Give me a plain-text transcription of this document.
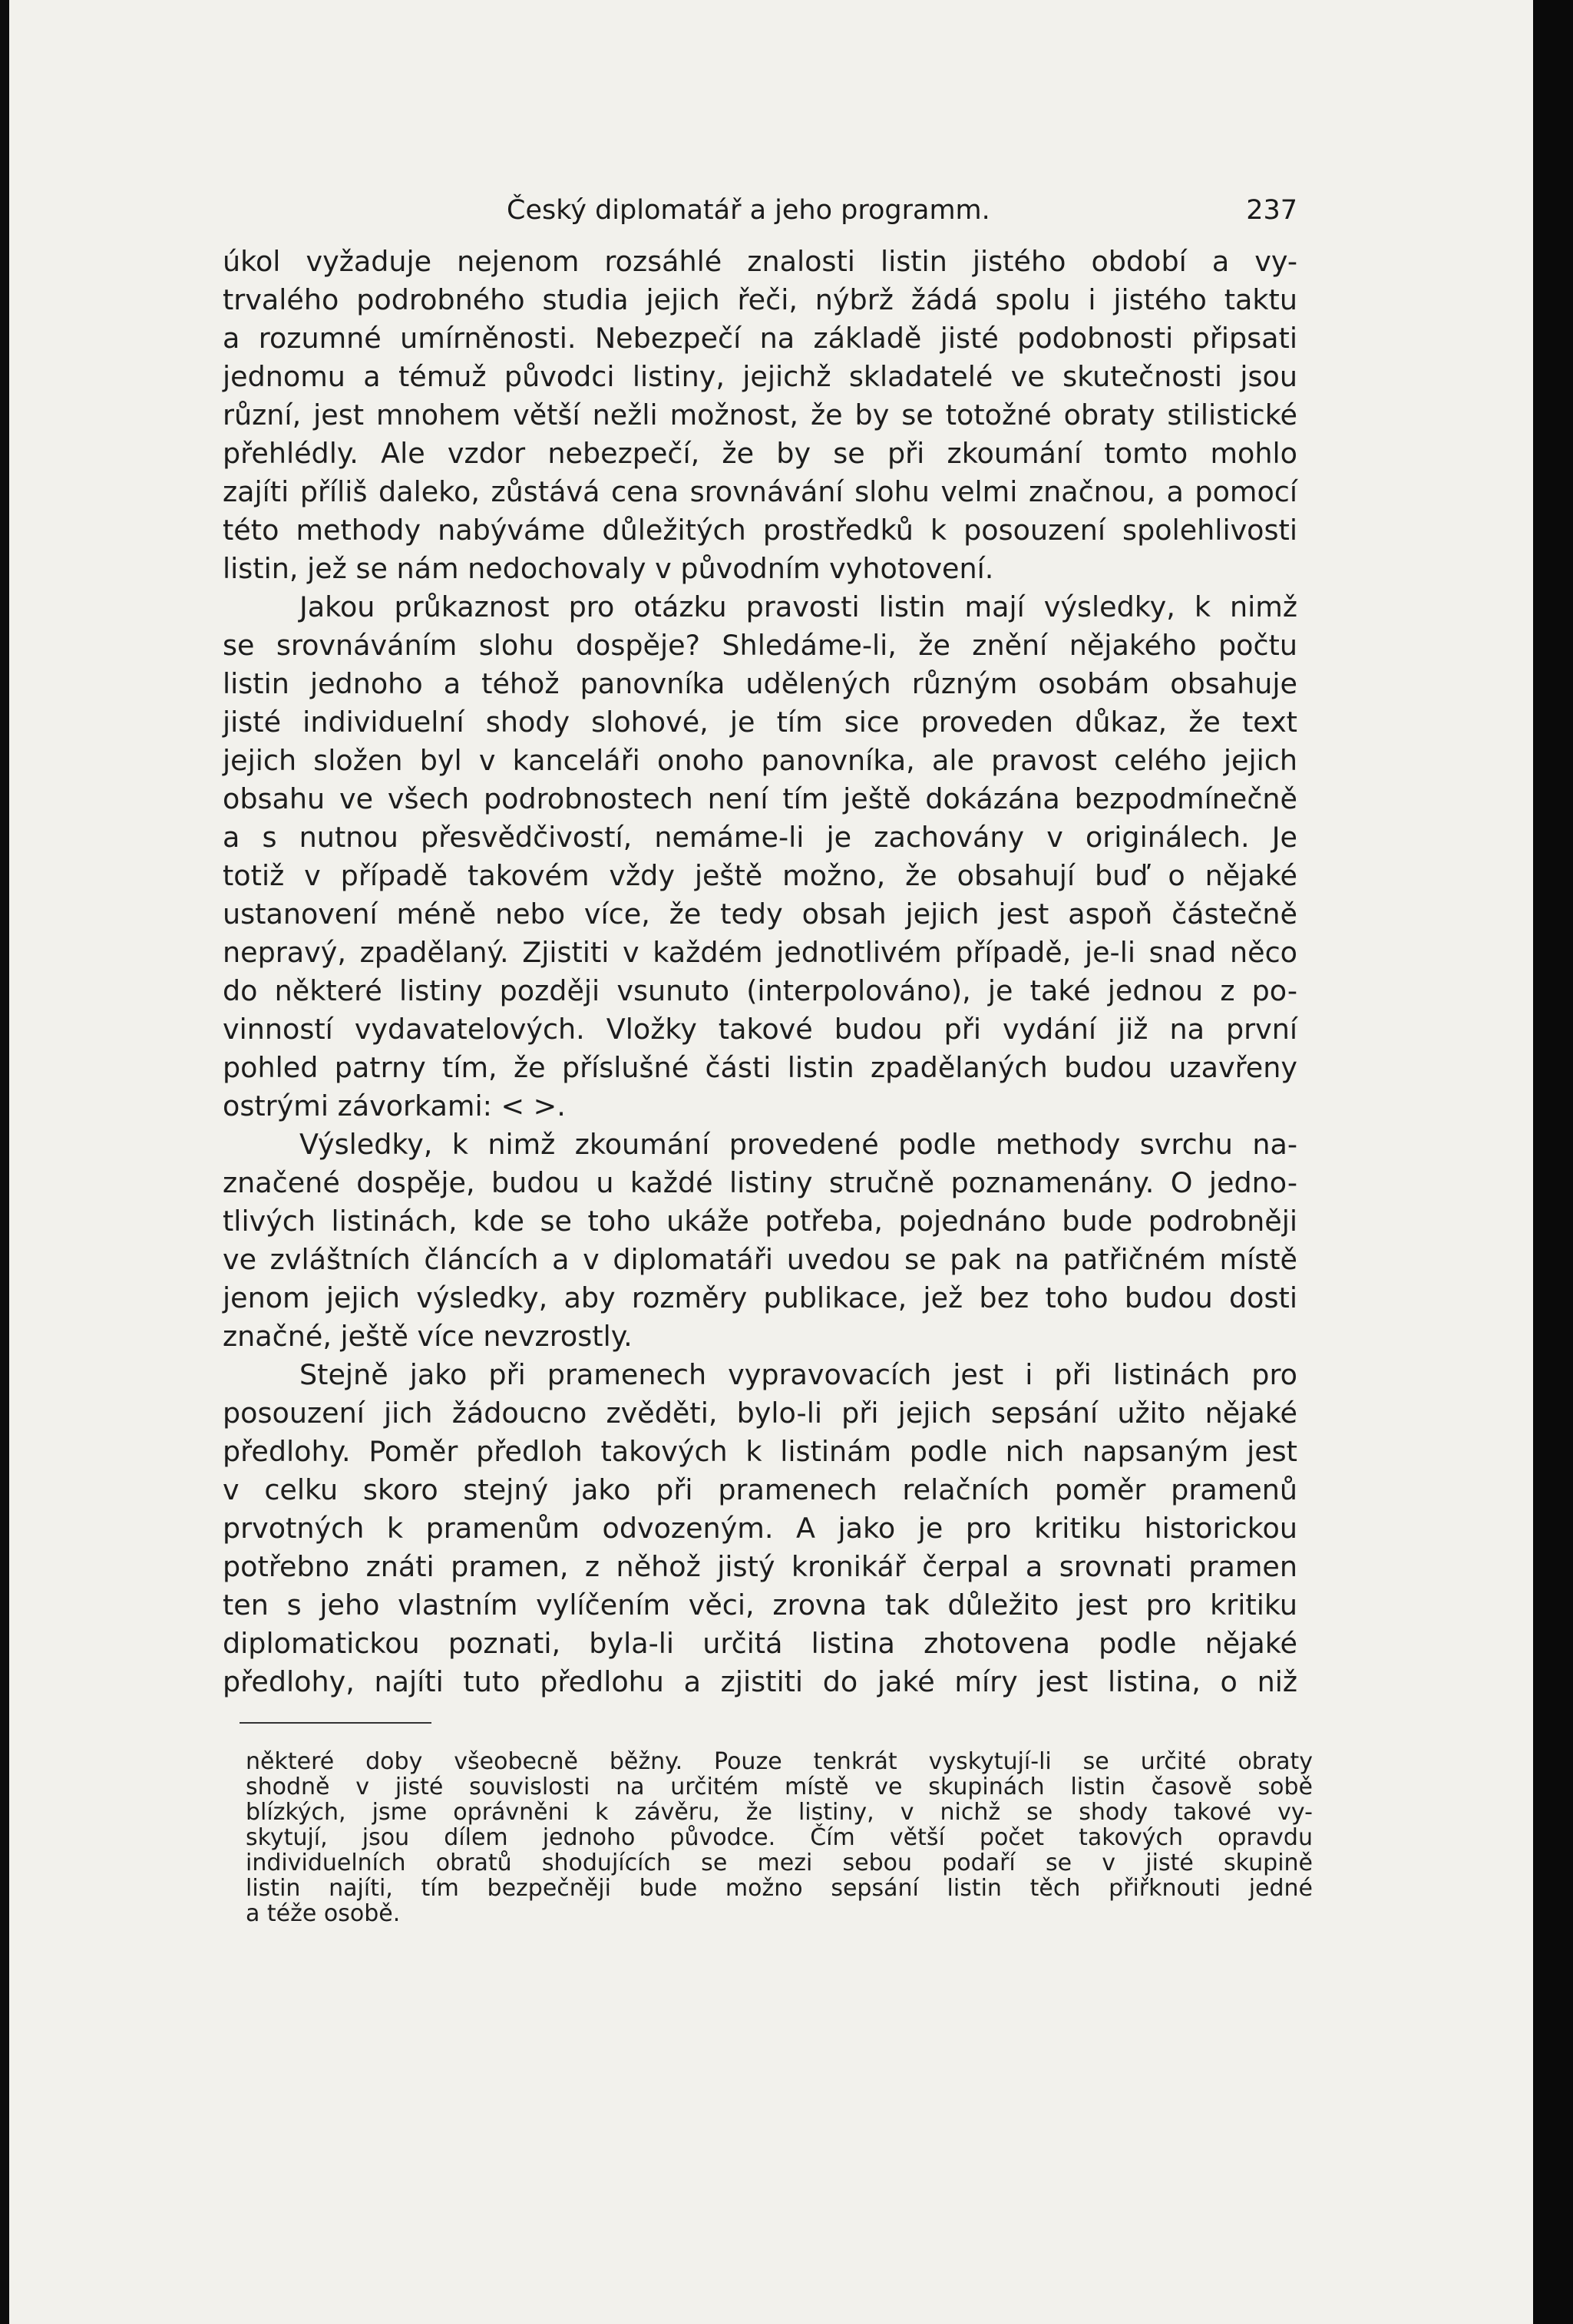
Český diplomatář a jeho programm.	237
úkol vyžaduje nejenom rozsáhlé znalosti listin jistého období a vy-
trvalého podrobného studia jejich řeči, nýbrž žádá spolu i jistého taktu
a rozumné umírněnosti. Nebezpečí na základě jisté podobnosti připsati
jednomu a témuž původci listiny, jejichž skladatelé ve skutečnosti jsou
různí, jest mnohem větší nežli možnost, že by se totožné obraty stilistické
přehlédly. Ale vzdor nebezpečí, že by se při zkoumání tomto mohlo
zajíti příliš daleko, zůstává cena srovnávání slohu velmi značnou, a pomocí
této methody nabýváme důležitých prostředků k posouzení spolehlivosti
listin, jež se nám nedochovaly v původním vyhotovení.
Jakou průkaznost pro otázku pravosti listin mají výsledky, k nimž
se srovnáváním slohu dospěje? Shledáme-li, že znění nějakého počtu
listin jednoho a téhož panovníka udělených různým osobám obsahuje
jisté individuelní shody slohové, je tím sice proveden důkaz, že text
jejich složen byl v kanceláři onoho panovníka, ale pravost celého jejich
obsahu ve všech podrobnostech není tím ještě dokázána bezpodmínečně
a s nutnou přesvědčivostí, nemáme-li je zachovány v originálech. Je
totiž v případě takovém vždy ještě možno, že obsahují buď o nějaké
ustanovení méně nebo více, že tedy obsah jejich jest aspoň částečně
nepravý, zpadělaný. Zjistiti v každém jednotlivém případě, je-li snad něco
do některé listiny později vsunuto (interpolováno), je také jednou z po-
vinností vydavatelových. Vložky takové budou při vydání již na první
pohled patrny tím, že příslušné části listin zpadělaných budou uzavřeny
ostrými závorkami: < >.
Výsledky, k nimž zkoumání provedené podle methody svrchu na-
značené dospěje, budou u každé listiny stručně poznamenány. O jedno-
tlivých listinách, kde se toho ukáže potřeba, pojednáno bude podrobněji
ve zvláštních článcích a v diplomatáři uvedou se pak na patřičném místě
jenom jejich výsledky, aby rozměry publikace, jež bez toho budou dosti
značné, ještě více nevzrostly.
Stejně jako při pramenech vypravovacích jest i při listinách pro
posouzení jich žádoucno zvěděti, bylo-li při jejich sepsání užito nějaké
předlohy. Poměr předloh takových k listinám podle nich napsaným jest
v celku skoro stejný jako při pramenech relačních poměr pramenů
prvotných k pramenům odvozeným. A jako je pro kritiku historickou
potřebno znáti pramen, z něhož jistý kronikář čerpal a srovnati pramen
ten s jeho vlastním vylíčením věci, zrovna tak důležito jest pro kritiku
diplomatickou poznati, byla-li určitá listina zhotovena podle nějaké
předlohy, najíti tuto předlohu a zjistiti do jaké míry jest listina, o niž
některé doby všeobecně běžny. Pouze tenkrát vyskytují-li se určité obraty
shodně v jisté souvislosti na určitém místě ve skupinách listin časově sobě
blízkých, jsme oprávněni k závěru, že listiny, v nichž se shody takové vy-
skytují, jsou dílem jednoho původce. Čím větší počet takových opravdu
individuelních obratů shodujících se mezi sebou podaří se v jisté skupině
listin najíti, tím bezpečněji bude možno sepsání listin těch přiřknouti jedné
a téže osobě.
